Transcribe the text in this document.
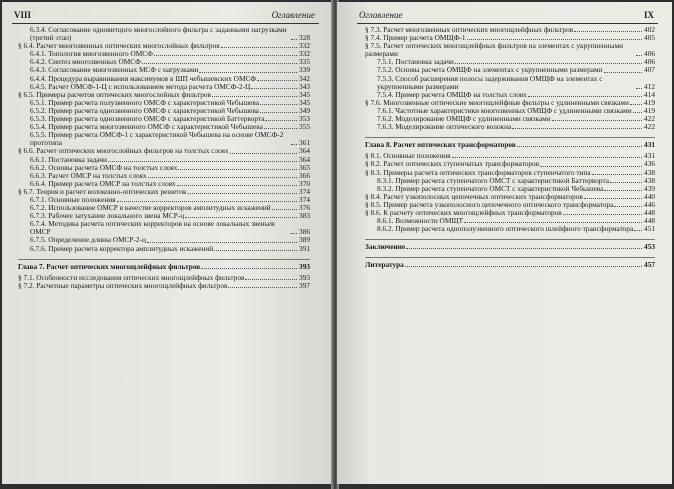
VIII	Оглавление
6.3.4. Согласование одновитцого многослойного фильтра с заданными нагрузками (третий этап)	328
§ 6.4. Расчет многозвенных оптических многослойных фильтров	332
6.4.1. Топология многозвенного ОМСФ	332
6.4.2. Синтез многозвенных ОМСФ	335
6.4.3. Согласование многозвенных МСФ с нагрузками	339
6.4.4. Процедура выравнивания максимумов в ШП чебышевских ОМСФ	342
6.4.5. Расчет ОМСФ-1-Ц с использованием метода расчета ОМСФ-2-Ц	343
§ 6.5. Примеры расчетов оптических многослойных фильтров	345
6.5.1. Пример расчета полузвенного ОМСФ с характеристикой Чебышева	345
6.5.2. Пример расчета однозвенного ОМСФ с характеристикой Чебышева	349
6.5.3. Пример расчета однозвенного ОМСФ с характеристикой Баттерворта	353
6.5.4. Пример расчета многозвенного ОМСФ с характеристикой Чебышева	355
6.5.5. Пример расчета ОМСФ-1 с характеристикой Чебышева на основе ОМСФ-2 прототипа	361
§ 6.6. Расчет оптических многослойных фильтров на толстых слоях	364
6.6.1. Постановка задачи	364
6.6.2. Основы расчета ОМСФ на толстых слоях	365
6.6.3. Расчет ОМСР на толстых слоях	366
6.6.4. Пример расчета ОМСР на толстых слоях	370
§ 6.7. Теория и расчет волоконно-оптических решеток	374
6.7.1. Основные положения	374
6.7.2. Использование ОМСР в качестве корректоров амплитудных искажений	376
6.7.3. Рабочее затухание локального звена МСР-ц	383
6.7.4. Методика расчета оптических корректоров на основе локальных звеньев ОМСР	386
6.7.5. Определение длины ОМСР-2-ц	389
6.7.6. Пример расчета корректора амплитудных искажений	391
Глава 7. Расчет оптических многощлейфных фильтров	393
§ 7.1. Особенности исследования оптических многощлейфных фильтров	393
§ 7.2. Расчетные параметры оптических многощлейфных фильтров	397
Оглавление	IX
§ 7.3. Расчет многозвенных оптических многощлейфных фильтров	402
§ 7.4. Пример расчета ОМЩФ-1	405
§ 7.5. Расчет оптических многощлейфных фильтров на элементах с укрупненными размерами	406
7.5.1. Постановка задачи	406
7.5.2. Основы расчета ОМЩФ на элементах с укрупненными размерами	407
7.5.3. Способ расширения полосы задерживания ОМЩФ на элементах с укрупненными размерами	412
7.5.4. Пример расчета ОМЩФ на толстых слоях	414
§ 7.6. Многозвенные оптические многощлейфные фильтры с удлиненными связками 419
7.6.1. Частотные характеристики многозвенных ОМЩФ с удлиненными связками 419
7.6.2. Моделирование ОМЩФ с удлиненными связками	422
7.6.3. Моделирование оптического волокна	422
Глава 8. Расчет оптических трансформаторов	431
§ 8.1. Основные положения	431
§ 8.2. Расчет оптических ступенчатых трансформаторов	436
§ 8.3. Примеры расчета оптических трансформаторов ступенчатого типа	438
8.3.1. Пример расчета ступенчатого ОМСТ с характеристикой Баттерворта	438
8.3.2. Пример расчета ступенчатого ОМСТ с характеристикой Чебышева	439
§ 8.4. Расчет узкополосных цепочечных оптических трансформаторов	440
§ 8.5. Пример расчета узкополосного цепочечного оптического трансформатора	446
§ 8.6. К расчету оптических многощлейфных трансформаторов	448
8.6.1. Возможности ОМЩТ	448
8.6.2. Пример расчета однополуэвенного оптического шлейфного трансформатора 451
Заключение	453
Литература	457
